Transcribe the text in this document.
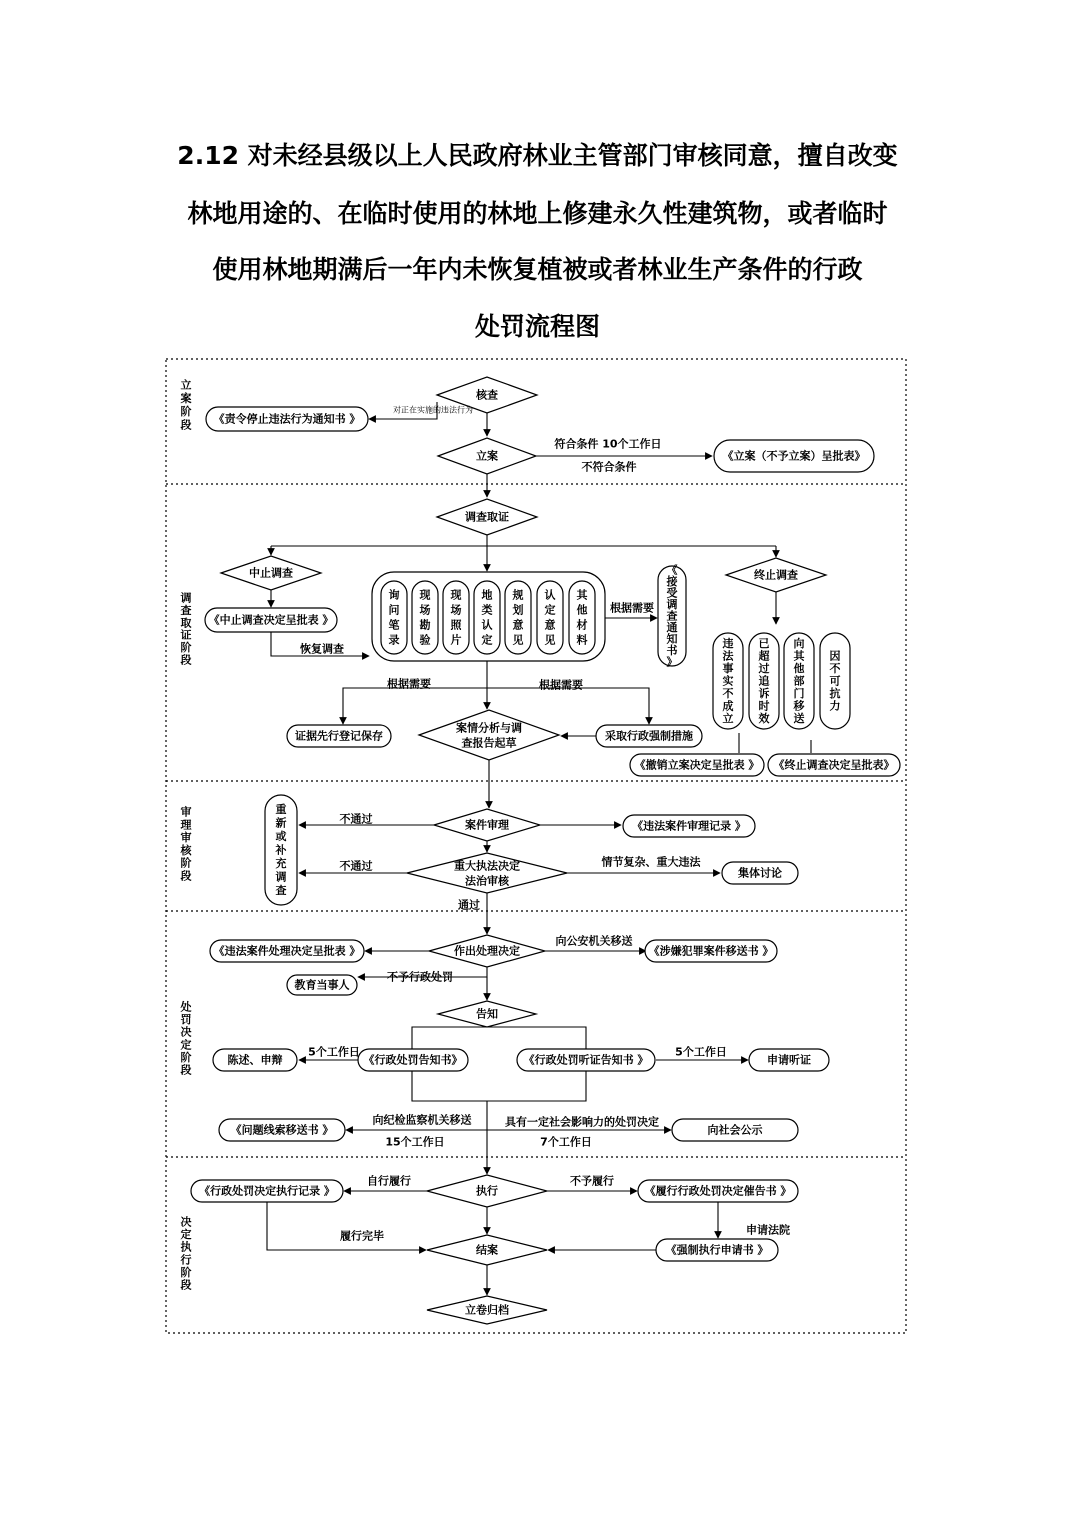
2.12 对未经县级以上人民政府林业主管部门审核同意，擅自改变
林地用途的、在临时使用的林地上修建永久性建筑物，或者临时
使用林地期满后一年内未恢复植被或者林业生产条件的行政
处罚流程图
立
案
阶
段
调
查
取
证
阶
段
审
理
审
核
阶
段
处
罚
决
定
阶
段
决
定
执
行
阶
段
核查
《责令停止违法行为通知书 》
立案	《立案（不予立案）呈批表》
调查取证
中止调查
《中止调查决定呈批表 》
终止调查
询
问
笔
录
现
场
勘
验
现
场
照
片
地
类
认
定
规
划
意
见
认
定
意
见
其
他
材
料
《
接
受
调
查
通
知
书
》
违
法
事
实
不
成
立
已
超
过
追
诉
时
效
向
其
他
部
门
移
送
因
不
可
抗
力
证据先行登记保存
案情分析与调
查报告起草
采取行政强制措施
《撤销立案决定呈批表 》 《终止调查决定呈批表》
案件审理	《违法案件审理记录 》
重
新
或
补
充
调
查
重大执法决定
法治审核
集体讨论
作出处理决定
《违法案件处理决定呈批表 》	《涉嫌犯罪案件移送书 》
教育当事人
告知
陈述、申辩	《行政处罚告知书》	《行政处罚听证告知书 》	申请听证
《问题线索移送书 》	向社会公示
《行政处罚决定执行记录 》	执行	《履行行政处罚决定催告书 》
结案	《强制执行申请书 》
立卷归档
对正在实施的违法行为
符合条件 10个工作日
不符合条件
根据需要
恢复调查
根据需要	根据需要
不通过
不通过	情节复杂、重大违法
通过
向公安机关移送
不予行政处罚
5个工作日	5个工作日
向纪检监察机关移送	具有一定社会影响力的处罚决定
15个工作日	7个工作日
自行履行	不予履行
履行完毕	申请法院
